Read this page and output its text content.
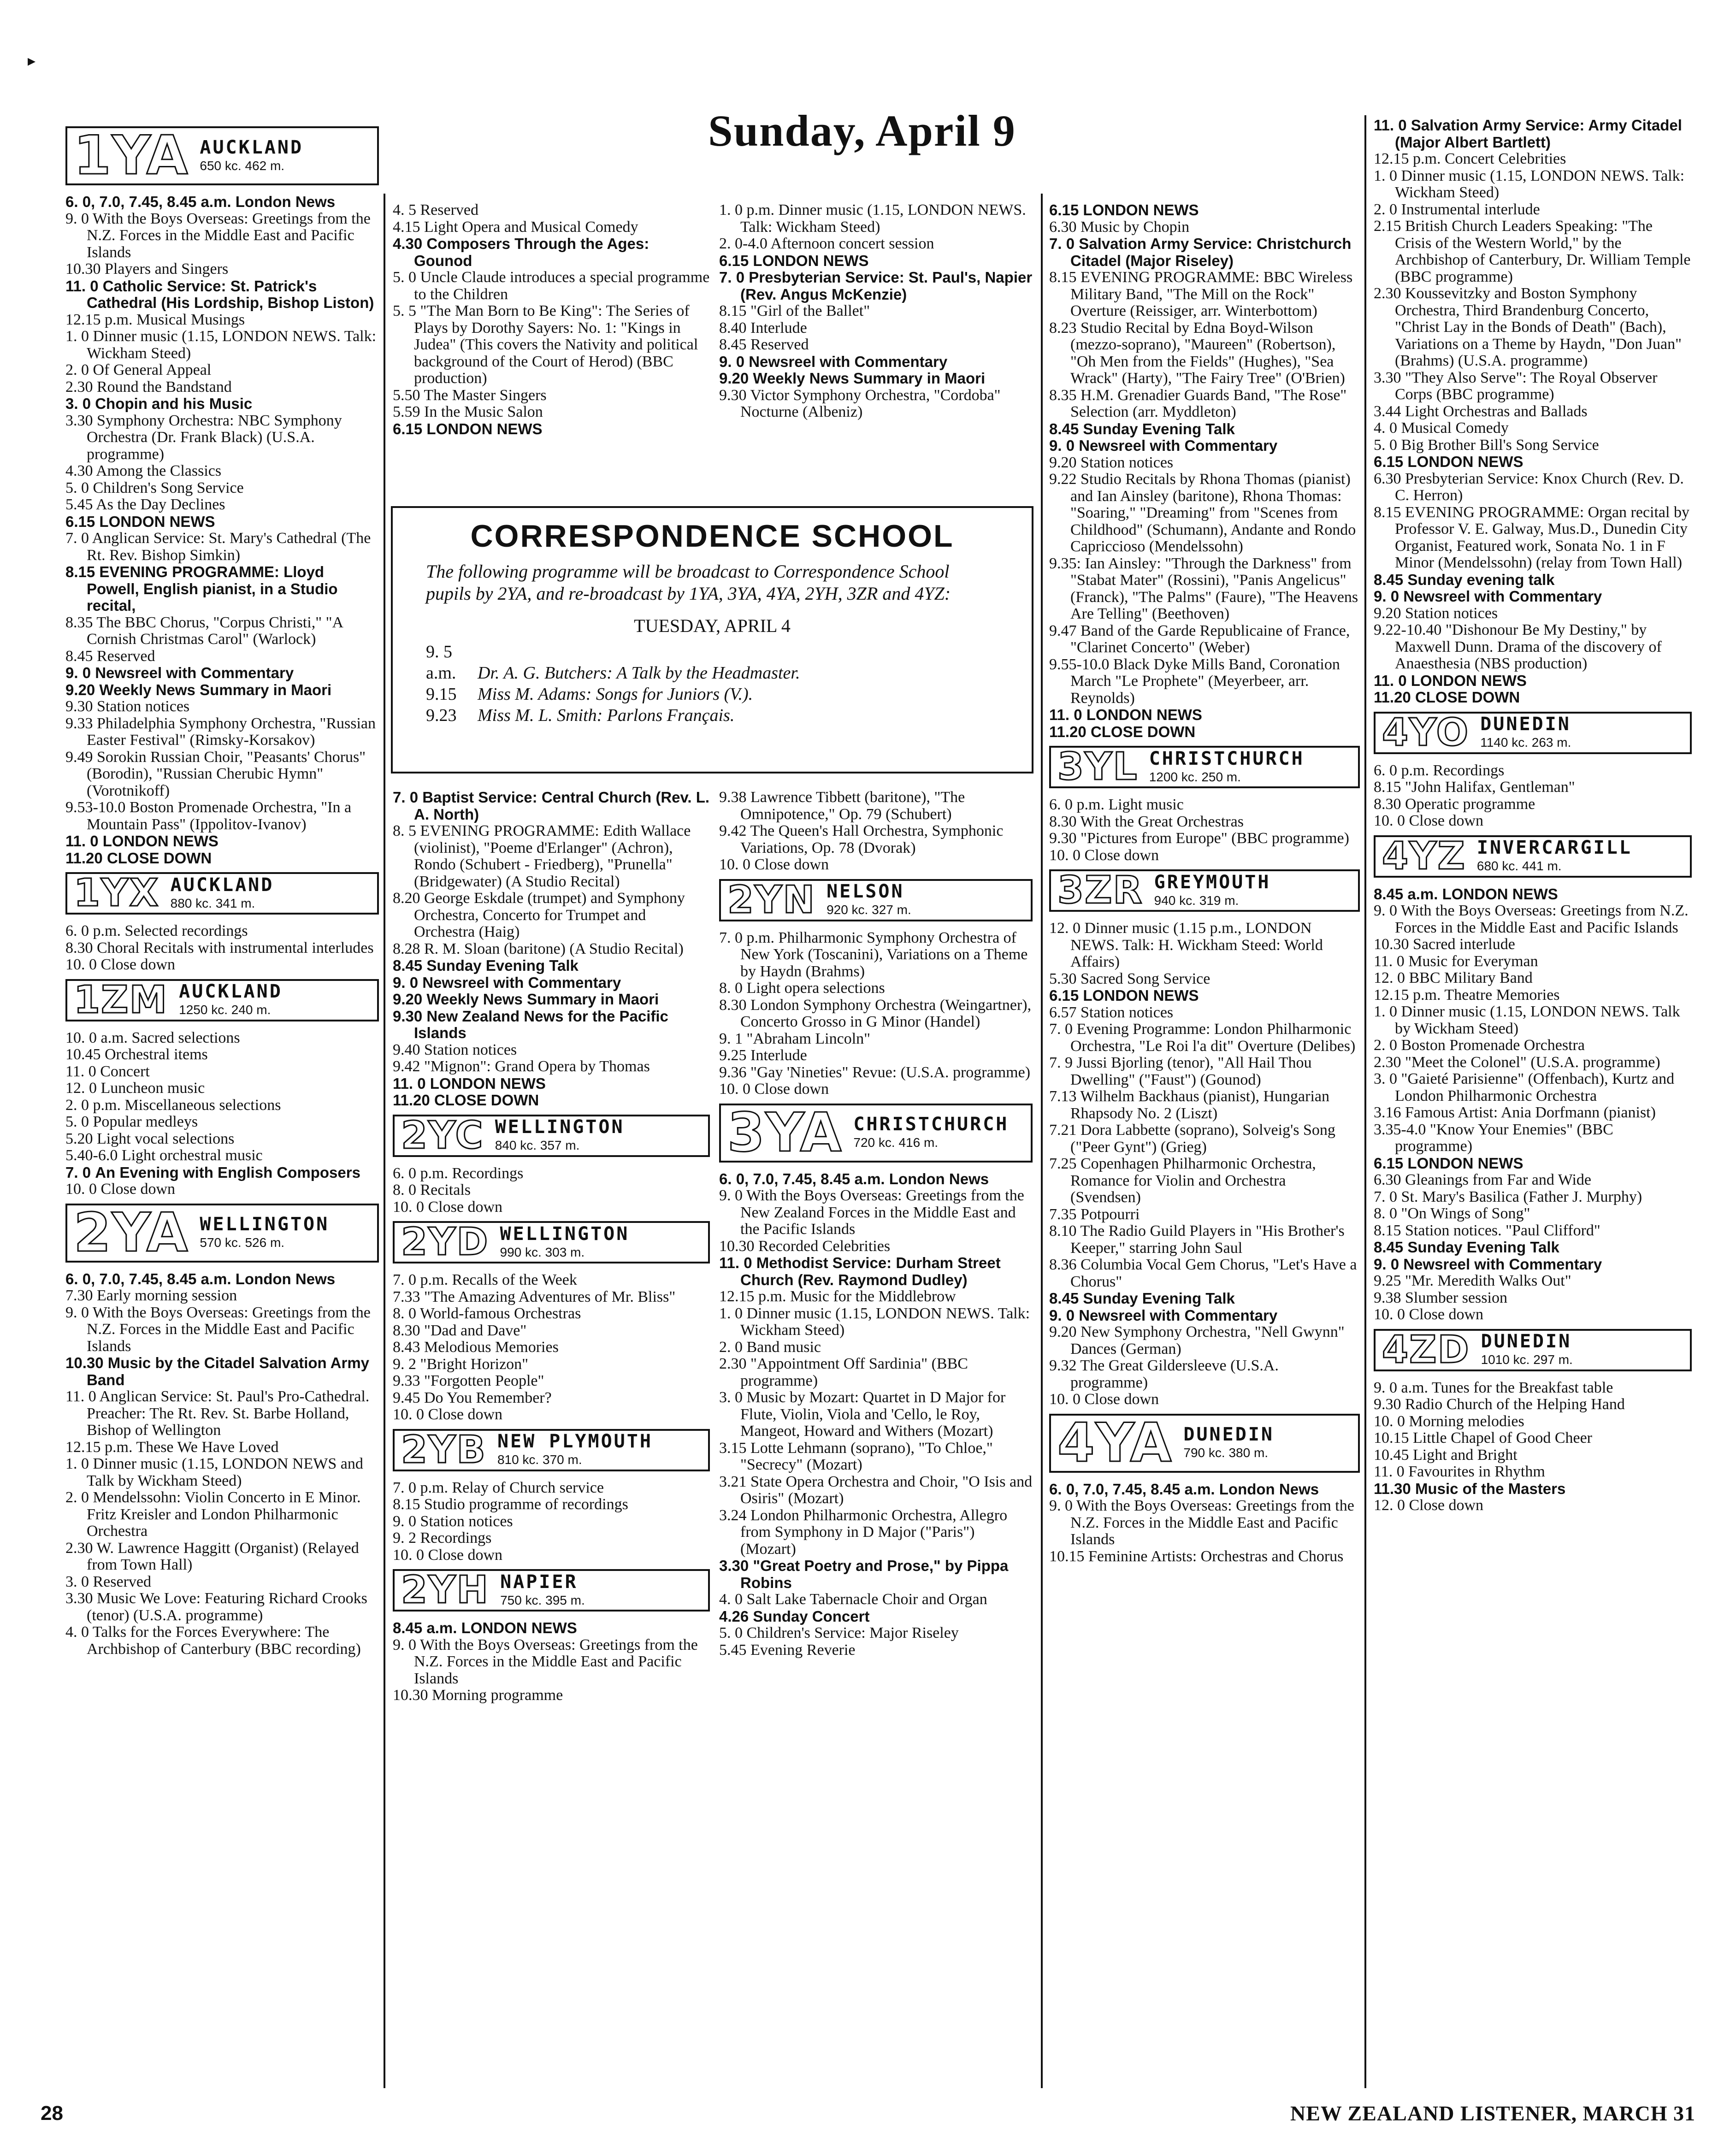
▸
Sunday, April 9
1YA AUCKLAND
650 kc. 462 m.

6. 0, 7.0, 7.45, 8.45 a.m. London News

9. 0 With the Boys Overseas: Greetings from the N.Z. Forces in the Middle East and Pacific Islands

10.30 Players and Singers

11. 0 Catholic Service: St. Patrick's Cathedral (His Lordship, Bishop Liston)

12.15 p.m. Musical Musings

1. 0 Dinner music (1.15, LONDON NEWS. Talk: Wickham Steed)

2. 0 Of General Appeal

2.30 Round the Bandstand

3. 0 Chopin and his Music

3.30 Symphony Orchestra: NBC Symphony Orchestra (Dr. Frank Black) (U.S.A. programme)

4.30 Among the Classics

5. 0 Children's Song Service

5.45 As the Day Declines

6.15 LONDON NEWS

7. 0 Anglican Service: St. Mary's Cathedral (The Rt. Rev. Bishop Simkin)

8.15 EVENING PROGRAMME: Lloyd Powell, English pianist, in a Studio recital,

8.35 The BBC Chorus, "Corpus Christi," "A Cornish Christmas Carol" (Warlock)

8.45 Reserved

9. 0 Newsreel with Commentary

9.20 Weekly News Summary in Maori

9.30 Station notices

9.33 Philadelphia Symphony Orchestra, "Russian Easter Festival" (Rimsky-Korsakov)

9.49 Sorokin Russian Choir, "Peasants' Chorus" (Borodin), "Russian Cherubic Hymn" (Vorotnikoff)

9.53-10.0 Boston Promenade Orchestra, "In a Mountain Pass" (Ippolitov-Ivanov)

11. 0 LONDON NEWS

11.20 CLOSE DOWN

1YX AUCKLAND
880 kc. 341 m.

6. 0 p.m. Selected recordings

8.30 Choral Recitals with instrumental interludes

10. 0 Close down

1ZM AUCKLAND
1250 kc. 240 m.

10. 0 a.m. Sacred selections

10.45 Orchestral items

11. 0 Concert

12. 0 Luncheon music

2. 0 p.m. Miscellaneous selections

5. 0 Popular medleys

5.20 Light vocal selections

5.40-6.0 Light orchestral music

7. 0 An Evening with English Composers

10. 0 Close down

2YA WELLINGTON
570 kc. 526 m.

6. 0, 7.0, 7.45, 8.45 a.m. London News

7.30 Early morning session

9. 0 With the Boys Overseas: Greetings from the N.Z. Forces in the Middle East and Pacific Islands

10.30 Music by the Citadel Salvation Army Band

11. 0 Anglican Service: St. Paul's Pro-Cathedral. Preacher: The Rt. Rev. St. Barbe Holland, Bishop of Wellington

12.15 p.m. These We Have Loved

1. 0 Dinner music (1.15, LONDON NEWS and Talk by Wickham Steed)

2. 0 Mendelssohn: Violin Concerto in E Minor. Fritz Kreisler and London Philharmonic Orchestra

2.30 W. Lawrence Haggitt (Organist) (Relayed from Town Hall)

3. 0 Reserved

3.30 Music We Love: Featuring Richard Crooks (tenor) (U.S.A. programme)

4. 0 Talks for the Forces Everywhere: The Archbishop of Canterbury (BBC recording)

4. 5 Reserved

4.15 Light Opera and Musical Comedy

4.30 Composers Through the Ages: Gounod

5. 0 Uncle Claude introduces a special programme to the Children

5. 5 "The Man Born to Be King": The Series of Plays by Dorothy Sayers: No. 1: "Kings in Judea" (This covers the Nativity and political background of the Court of Herod) (BBC production)

5.50 The Master Singers

5.59 In the Music Salon

6.15 LONDON NEWS

1. 0 p.m. Dinner music (1.15, LONDON NEWS. Talk: Wickham Steed)

2. 0-4.0 Afternoon concert session

6.15 LONDON NEWS

7. 0 Presbyterian Service: St. Paul's, Napier (Rev. Angus McKenzie)

8.15 "Girl of the Ballet"

8.40 Interlude

8.45 Reserved

9. 0 Newsreel with Commentary

9.20 Weekly News Summary in Maori

9.30 Victor Symphony Orchestra, "Cordoba" Nocturne (Albeniz)

CORRESPONDENCE SCHOOL

The following programme will be broadcast to Correspondence School pupils by 2YA, and re-broadcast by 1YA, 3YA, 4YA, 2YH, 3ZR and 4YZ:

TUESDAY, APRIL 4

9. 5 a.m. Dr. A. G. Butchers: A Talk by the Headmaster.

9.15 Miss M. Adams: Songs for Juniors (V.).

9.23 Miss M. L. Smith: Parlons Français.

7. 0 Baptist Service: Central Church (Rev. L. A. North)

8. 5 EVENING PROGRAMME: Edith Wallace (violinist), "Poeme d'Erlanger" (Achron), Rondo (Schubert - Friedberg), "Prunella" (Bridgewater) (A Studio Recital)

8.20 George Eskdale (trumpet) and Symphony Orchestra, Concerto for Trumpet and Orchestra (Haig)

8.28 R. M. Sloan (baritone) (A Studio Recital)

8.45 Sunday Evening Talk

9. 0 Newsreel with Commentary

9.20 Weekly News Summary in Maori

9.30 New Zealand News for the Pacific Islands

9.40 Station notices

9.42 "Mignon": Grand Opera by Thomas

11. 0 LONDON NEWS

11.20 CLOSE DOWN

2YC WELLINGTON
840 kc. 357 m.

6. 0 p.m. Recordings

8. 0 Recitals

10. 0 Close down

2YD WELLINGTON
990 kc. 303 m.

7. 0 p.m. Recalls of the Week

7.33 "The Amazing Adventures of Mr. Bliss"

8. 0 World-famous Orchestras

8.30 "Dad and Dave"

8.43 Melodious Memories

9. 2 "Bright Horizon"

9.33 "Forgotten People"

9.45 Do You Remember?

10. 0 Close down

2YB NEW PLYMOUTH
810 kc. 370 m.

7. 0 p.m. Relay of Church service

8.15 Studio programme of recordings

9. 0 Station notices

9. 2 Recordings

10. 0 Close down

2YH NAPIER
750 kc. 395 m.

8.45 a.m. LONDON NEWS

9. 0 With the Boys Overseas: Greetings from the N.Z. Forces in the Middle East and Pacific Islands

10.30 Morning programme

9.38 Lawrence Tibbett (baritone), "The Omnipotence," Op. 79 (Schubert)

9.42 The Queen's Hall Orchestra, Symphonic Variations, Op. 78 (Dvorak)

10. 0 Close down

2YN NELSON
920 kc. 327 m.

7. 0 p.m. Philharmonic Symphony Orchestra of New York (Toscanini), Variations on a Theme by Haydn (Brahms)

8. 0 Light opera selections

8.30 London Symphony Orchestra (Weingartner), Concerto Grosso in G Minor (Handel)

9. 1 "Abraham Lincoln"

9.25 Interlude

9.36 "Gay 'Nineties" Revue: (U.S.A. programme)

10. 0 Close down

3YA CHRISTCHURCH
720 kc. 416 m.

6. 0, 7.0, 7.45, 8.45 a.m. London News

9. 0 With the Boys Overseas: Greetings from the New Zealand Forces in the Middle East and the Pacific Islands

10.30 Recorded Celebrities

11. 0 Methodist Service: Durham Street Church (Rev. Raymond Dudley)

12.15 p.m. Music for the Middlebrow

1. 0 Dinner music (1.15, LONDON NEWS. Talk: Wickham Steed)

2. 0 Band music

2.30 "Appointment Off Sardinia" (BBC programme)

3. 0 Music by Mozart: Quartet in D Major for Flute, Violin, Viola and 'Cello, le Roy, Mangeot, Howard and Withers (Mozart)

3.15 Lotte Lehmann (soprano), "To Chloe," "Secrecy" (Mozart)

3.21 State Opera Orchestra and Choir, "O Isis and Osiris" (Mozart)

3.24 London Philharmonic Orchestra, Allegro from Symphony in D Major ("Paris") (Mozart)

3.30 "Great Poetry and Prose," by Pippa Robins

4. 0 Salt Lake Tabernacle Choir and Organ

4.26 Sunday Concert

5. 0 Children's Service: Major Riseley

5.45 Evening Reverie

6.15 LONDON NEWS

6.30 Music by Chopin

7. 0 Salvation Army Service: Christchurch Citadel (Major Riseley)

8.15 EVENING PROGRAMME: BBC Wireless Military Band, "The Mill on the Rock" Overture (Reissiger, arr. Winterbottom)

8.23 Studio Recital by Edna Boyd-Wilson (mezzo-soprano), "Maureen" (Robertson), "Oh Men from the Fields" (Hughes), "Sea Wrack" (Harty), "The Fairy Tree" (O'Brien)

8.35 H.M. Grenadier Guards Band, "The Rose" Selection (arr. Myddleton)

8.45 Sunday Evening Talk

9. 0 Newsreel with Commentary

9.20 Station notices

9.22 Studio Recitals by Rhona Thomas (pianist) and Ian Ainsley (baritone), Rhona Thomas: "Soaring," "Dreaming" from "Scenes from Childhood" (Schumann), Andante and Rondo Capriccioso (Mendelssohn)

9.35: Ian Ainsley: "Through the Darkness" from "Stabat Mater" (Rossini), "Panis Angelicus" (Franck), "The Palms" (Faure), "The Heavens Are Telling" (Beethoven)

9.47 Band of the Garde Republicaine of France, "Clarinet Concerto" (Weber)

9.55-10.0 Black Dyke Mills Band, Coronation March "Le Prophete" (Meyerbeer, arr. Reynolds)

11. 0 LONDON NEWS

11.20 CLOSE DOWN

3YL CHRISTCHURCH
1200 kc. 250 m.

6. 0 p.m. Light music

8.30 With the Great Orchestras

9.30 "Pictures from Europe" (BBC programme)

10. 0 Close down

3ZR GREYMOUTH
940 kc. 319 m.

12. 0 Dinner music (1.15 p.m., LONDON NEWS. Talk: H. Wickham Steed: World Affairs)

5.30 Sacred Song Service

6.15 LONDON NEWS

6.57 Station notices

7. 0 Evening Programme: London Philharmonic Orchestra, "Le Roi l'a dit" Overture (Delibes)

7. 9 Jussi Bjorling (tenor), "All Hail Thou Dwelling" ("Faust") (Gounod)

7.13 Wilhelm Backhaus (pianist), Hungarian Rhapsody No. 2 (Liszt)

7.21 Dora Labbette (soprano), Solveig's Song ("Peer Gynt") (Grieg)

7.25 Copenhagen Philharmonic Orchestra, Romance for Violin and Orchestra (Svendsen)

7.35 Potpourri

8.10 The Radio Guild Players in "His Brother's Keeper," starring John Saul

8.36 Columbia Vocal Gem Chorus, "Let's Have a Chorus"

8.45 Sunday Evening Talk

9. 0 Newsreel with Commentary

9.20 New Symphony Orchestra, "Nell Gwynn" Dances (German)

9.32 The Great Gildersleeve (U.S.A. programme)

10. 0 Close down

4YA DUNEDIN
790 kc. 380 m.

6. 0, 7.0, 7.45, 8.45 a.m. London News

9. 0 With the Boys Overseas: Greetings from the N.Z. Forces in the Middle East and Pacific Islands

10.15 Feminine Artists: Orchestras and Chorus

11. 0 Salvation Army Service: Army Citadel (Major Albert Bartlett)

12.15 p.m. Concert Celebrities

1. 0 Dinner music (1.15, LONDON NEWS. Talk: Wickham Steed)

2. 0 Instrumental interlude

2.15 British Church Leaders Speaking: "The Crisis of the Western World," by the Archbishop of Canterbury, Dr. William Temple (BBC programme)

2.30 Koussevitzky and Boston Symphony Orchestra, Third Brandenburg Concerto, "Christ Lay in the Bonds of Death" (Bach), Variations on a Theme by Haydn, "Don Juan" (Brahms) (U.S.A. programme)

3.30 "They Also Serve": The Royal Observer Corps (BBC programme)

3.44 Light Orchestras and Ballads

4. 0 Musical Comedy

5. 0 Big Brother Bill's Song Service

6.15 LONDON NEWS

6.30 Presbyterian Service: Knox Church (Rev. D. C. Herron)

8.15 EVENING PROGRAMME: Organ recital by Professor V. E. Galway, Mus.D., Dunedin City Organist, Featured work, Sonata No. 1 in F Minor (Mendelssohn) (relay from Town Hall)

8.45 Sunday evening talk

9. 0 Newsreel with Commentary

9.20 Station notices

9.22-10.40 "Dishonour Be My Destiny," by Maxwell Dunn. Drama of the discovery of Anaesthesia (NBS production)

11. 0 LONDON NEWS

11.20 CLOSE DOWN

4YO DUNEDIN
1140 kc. 263 m.

6. 0 p.m. Recordings

8.15 "John Halifax, Gentleman"

8.30 Operatic programme

10. 0 Close down

4YZ INVERCARGILL
680 kc. 441 m.

8.45 a.m. LONDON NEWS

9. 0 With the Boys Overseas: Greetings from N.Z. Forces in the Middle East and Pacific Islands

10.30 Sacred interlude

11. 0 Music for Everyman

12. 0 BBC Military Band

12.15 p.m. Theatre Memories

1. 0 Dinner music (1.15, LONDON NEWS. Talk by Wickham Steed)

2. 0 Boston Promenade Orchestra

2.30 "Meet the Colonel" (U.S.A. programme)

3. 0 "Gaieté Parisienne" (Offenbach), Kurtz and London Philharmonic Orchestra

3.16 Famous Artist: Ania Dorfmann (pianist)

3.35-4.0 "Know Your Enemies" (BBC programme)

6.15 LONDON NEWS

6.30 Gleanings from Far and Wide

7. 0 St. Mary's Basilica (Father J. Murphy)

8. 0 "On Wings of Song"

8.15 Station notices. "Paul Clifford"

8.45 Sunday Evening Talk

9. 0 Newsreel with Commentary

9.25 "Mr. Meredith Walks Out"

9.38 Slumber session

10. 0 Close down

4ZD DUNEDIN
1010 kc. 297 m.

9. 0 a.m. Tunes for the Breakfast table

9.30 Radio Church of the Helping Hand

10. 0 Morning melodies

10.15 Little Chapel of Good Cheer

10.45 Light and Bright

11. 0 Favourites in Rhythm

11.30 Music of the Masters

12. 0 Close down

28	NEW ZEALAND LISTENER, MARCH 31
